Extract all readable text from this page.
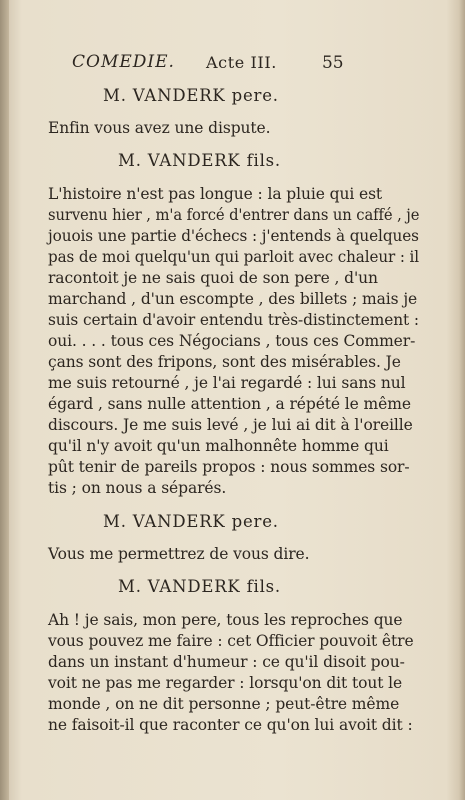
COMEDIE. Acte III.	55
M. VANDERK pere.
Enfin vous avez une dispute.
M. VANDERK fils.
L'histoire n'est pas longue : la pluie qui est
survenu hier , m'a forcé d'entrer dans un caffé , je
jouois une partie d'échecs : j'entends à quelques
pas de moi quelqu'un qui parloit avec chaleur : il
racontoit je ne sais quoi de son pere , d'un
marchand , d'un escompte , des billets ; mais je
suis certain d'avoir entendu très-distinctement :
oui. . . . tous ces Négocians , tous ces Commer-
çans sont des fripons, sont des misérables. Je
me suis retourné , je l'ai regardé : lui sans nul
égard , sans nulle attention , a répété le même
discours. Je me suis levé , je lui ai dit à l'oreille
qu'il n'y avoit qu'un malhonnête homme qui
pût tenir de pareils propos : nous sommes sor-
tis ; on nous a séparés.
M. VANDERK pere.
Vous me permettrez de vous dire.
M. VANDERK fils.
Ah ! je sais, mon pere, tous les reproches que
vous pouvez me faire : cet Officier pouvoit être
dans un instant d'humeur : ce qu'il disoit pou-
voit ne pas me regarder : lorsqu'on dit tout le
monde , on ne dit personne ; peut-être même
ne faisoit-il que raconter ce qu'on lui avoit dit :
